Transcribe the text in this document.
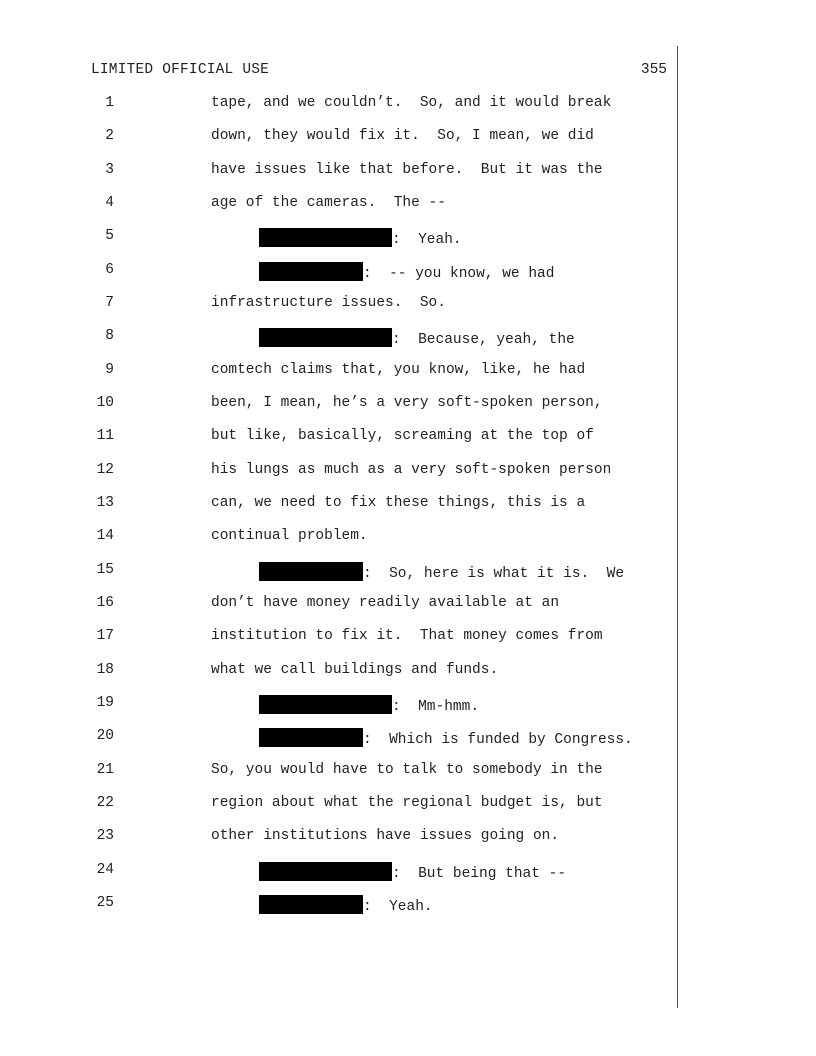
LIMITED OFFICIAL USE	355
1	tape, and we couldn’t.  So, and it would break
2	down, they would fix it.  So, I mean, we did
3	have issues like that before.  But it was the
4	age of the cameras.  The --
5	:  Yeah.
6	:  -- you know, we had
7	infrastructure issues.  So.
8	:  Because, yeah, the
9	comtech claims that, you know, like, he had
10	been, I mean, he’s a very soft-spoken person,
11	but like, basically, screaming at the top of
12	his lungs as much as a very soft-spoken person
13	can, we need to fix these things, this is a
14	continual problem.
15	:  So, here is what it is.  We
16	don’t have money readily available at an
17	institution to fix it.  That money comes from
18	what we call buildings and funds.
19	:  Mm-hmm.
20	:  Which is funded by Congress.
21	So, you would have to talk to somebody in the
22	region about what the regional budget is, but
23	other institutions have issues going on.
24	:  But being that --
25	:  Yeah.
